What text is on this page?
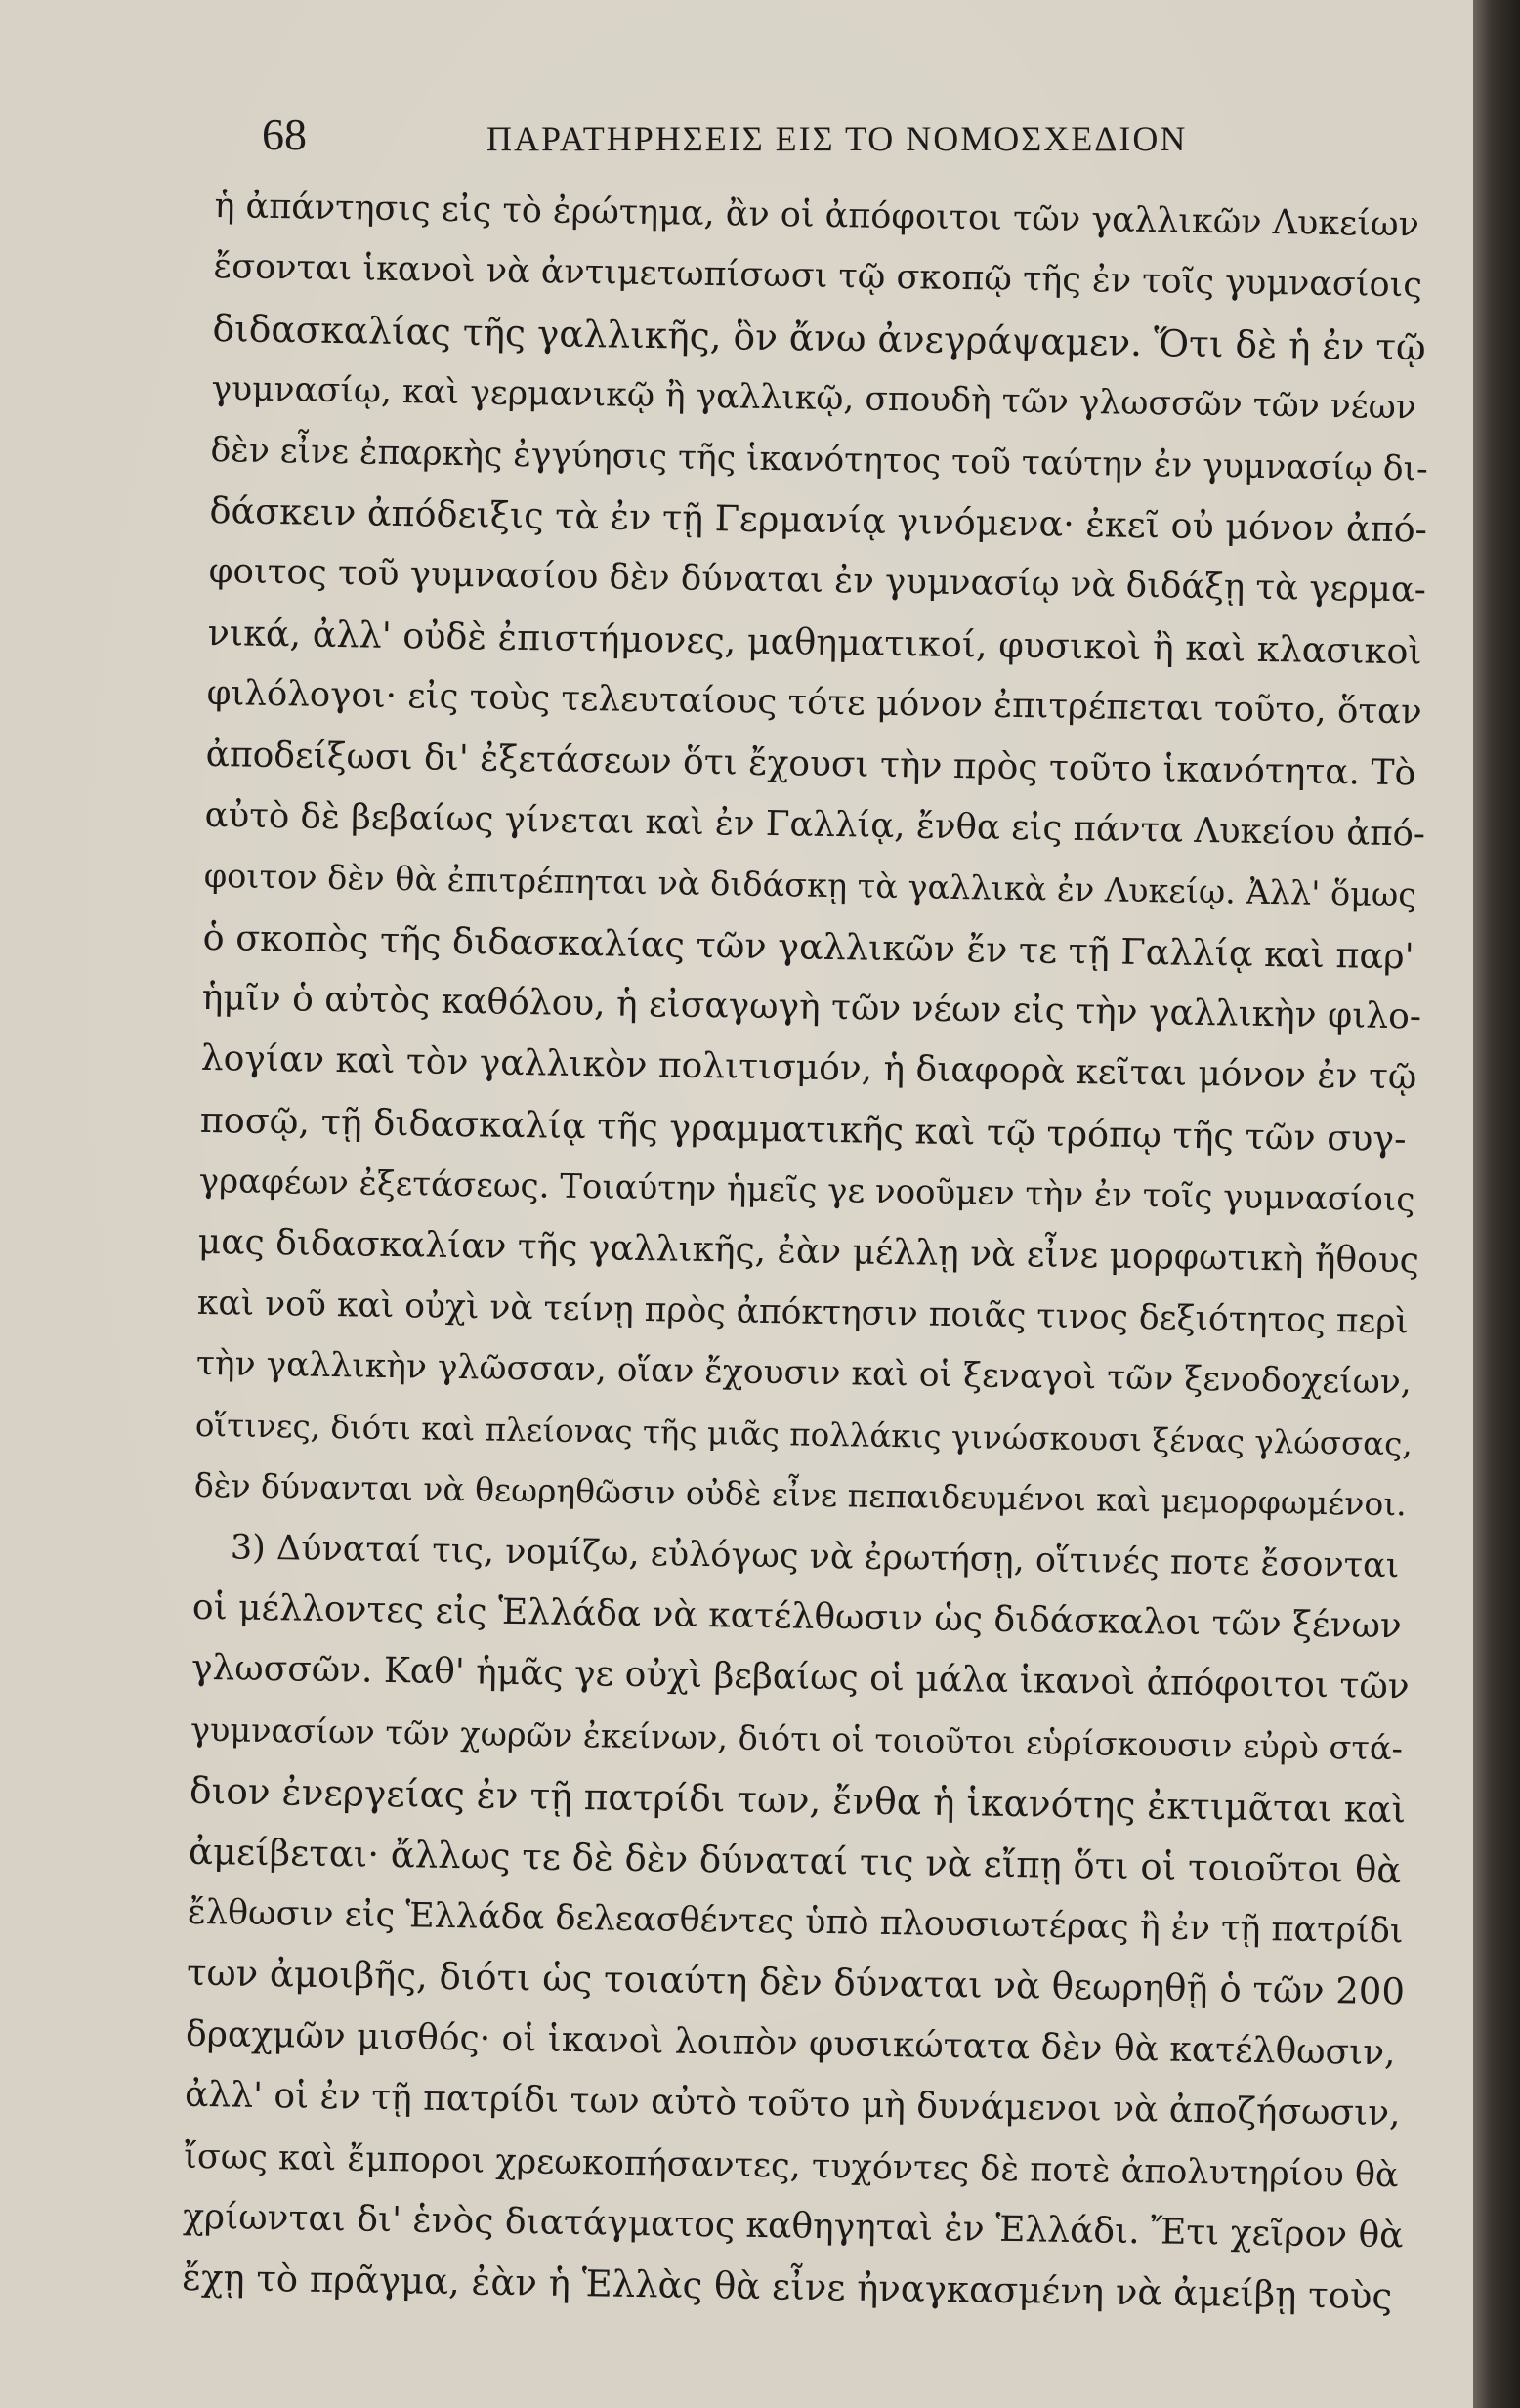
68	ΠΑΡΑΤΗΡΗΣΕΙΣ ΕΙΣ ΤΟ ΝΟΜΟΣΧΕΔΙΟΝ
ἡ ἀπάντησις εἰς τὸ ἐρώτημα, ἂν οἱ ἀπόφοιτοι τῶν γαλλικῶν Λυκείων
ἔσονται ἱκανοὶ νὰ ἀντιμετωπίσωσι τῷ σκοπῷ τῆς ἐν τοῖς γυμνασίοις
διδασκαλίας τῆς γαλλικῆς, ὃν ἄνω ἀνεγράψαμεν. Ὅτι δὲ ἡ ἐν τῷ
γυμνασίῳ, καὶ γερμανικῷ ἢ γαλλικῷ, σπουδὴ τῶν γλωσσῶν τῶν νέων
δὲν εἶνε ἐπαρκὴς ἐγγύησις τῆς ἱκανότητος τοῦ ταύτην ἐν γυμνασίῳ δι-
δάσκειν ἀπόδειξις τὰ ἐν τῇ Γερμανίᾳ γινόμενα· ἐκεῖ οὐ μόνον ἀπό-
φοιτος τοῦ γυμνασίου δὲν δύναται ἐν γυμνασίῳ νὰ διδάξῃ τὰ γερμα-
νικά, ἀλλ' οὐδὲ ἐπιστήμονες, μαθηματικοί, φυσικοὶ ἢ καὶ κλασικοὶ
φιλόλογοι· εἰς τοὺς τελευταίους τότε μόνον ἐπιτρέπεται τοῦτο, ὅταν
ἀποδείξωσι δι' ἐξετάσεων ὅτι ἔχουσι τὴν πρὸς τοῦτο ἱκανότητα. Τὸ
αὐτὸ δὲ βεβαίως γίνεται καὶ ἐν Γαλλίᾳ, ἔνθα εἰς πάντα Λυκείου ἀπό-
φοιτον δὲν θὰ ἐπιτρέπηται νὰ διδάσκῃ τὰ γαλλικὰ ἐν Λυκείῳ. Ἀλλ' ὅμως
ὁ σκοπὸς τῆς διδασκαλίας τῶν γαλλικῶν ἔν τε τῇ Γαλλίᾳ καὶ παρ'
ἡμῖν ὁ αὐτὸς καθόλου, ἡ εἰσαγωγὴ τῶν νέων εἰς τὴν γαλλικὴν φιλο-
λογίαν καὶ τὸν γαλλικὸν πολιτισμόν, ἡ διαφορὰ κεῖται μόνον ἐν τῷ
ποσῷ, τῇ διδασκαλίᾳ τῆς γραμματικῆς καὶ τῷ τρόπῳ τῆς τῶν συγ-
γραφέων ἐξετάσεως. Τοιαύτην ἡμεῖς γε νοοῦμεν τὴν ἐν τοῖς γυμνασίοις
μας διδασκαλίαν τῆς γαλλικῆς, ἐὰν μέλλῃ νὰ εἶνε μορφωτικὴ ἤθους
καὶ νοῦ καὶ οὐχὶ νὰ τείνῃ πρὸς ἀπόκτησιν ποιᾶς τινος δεξιότητος περὶ
τὴν γαλλικὴν γλῶσσαν, οἵαν ἔχουσιν καὶ οἱ ξεναγοὶ τῶν ξενοδοχείων,
οἵτινες, διότι καὶ πλείονας τῆς μιᾶς πολλάκις γινώσκουσι ξένας γλώσσας,
δὲν δύνανται νὰ θεωρηθῶσιν οὐδὲ εἶνε πεπαιδευμένοι καὶ μεμορφωμένοι.
3) Δύναταί τις, νομίζω, εὐλόγως νὰ ἐρωτήσῃ, οἵτινές ποτε ἔσονται
οἱ μέλλοντες εἰς Ἑλλάδα νὰ κατέλθωσιν ὡς διδάσκαλοι τῶν ξένων
γλωσσῶν. Καθ' ἡμᾶς γε οὐχὶ βεβαίως οἱ μάλα ἱκανοὶ ἀπόφοιτοι τῶν
γυμνασίων τῶν χωρῶν ἐκείνων, διότι οἱ τοιοῦτοι εὑρίσκουσιν εὐρὺ στά-
διον ἐνεργείας ἐν τῇ πατρίδι των, ἔνθα ἡ ἱκανότης ἐκτιμᾶται καὶ
ἀμείβεται· ἄλλως τε δὲ δὲν δύναταί τις νὰ εἴπῃ ὅτι οἱ τοιοῦτοι θὰ
ἔλθωσιν εἰς Ἑλλάδα δελεασθέντες ὑπὸ πλουσιωτέρας ἢ ἐν τῇ πατρίδι
των ἀμοιβῆς, διότι ὡς τοιαύτη δὲν δύναται νὰ θεωρηθῇ ὁ τῶν 200
δραχμῶν μισθός· οἱ ἱκανοὶ λοιπὸν φυσικώτατα δὲν θὰ κατέλθωσιν,
ἀλλ' οἱ ἐν τῇ πατρίδι των αὐτὸ τοῦτο μὴ δυνάμενοι νὰ ἀποζήσωσιν,
ἴσως καὶ ἔμποροι χρεωκοπήσαντες, τυχόντες δὲ ποτὲ ἀπολυτηρίου θὰ
χρίωνται δι' ἑνὸς διατάγματος καθηγηταὶ ἐν Ἑλλάδι. Ἔτι χεῖρον θὰ
ἔχῃ τὸ πρᾶγμα, ἐὰν ἡ Ἑλλὰς θὰ εἶνε ἠναγκασμένη νὰ ἀμείβῃ τοὺς
